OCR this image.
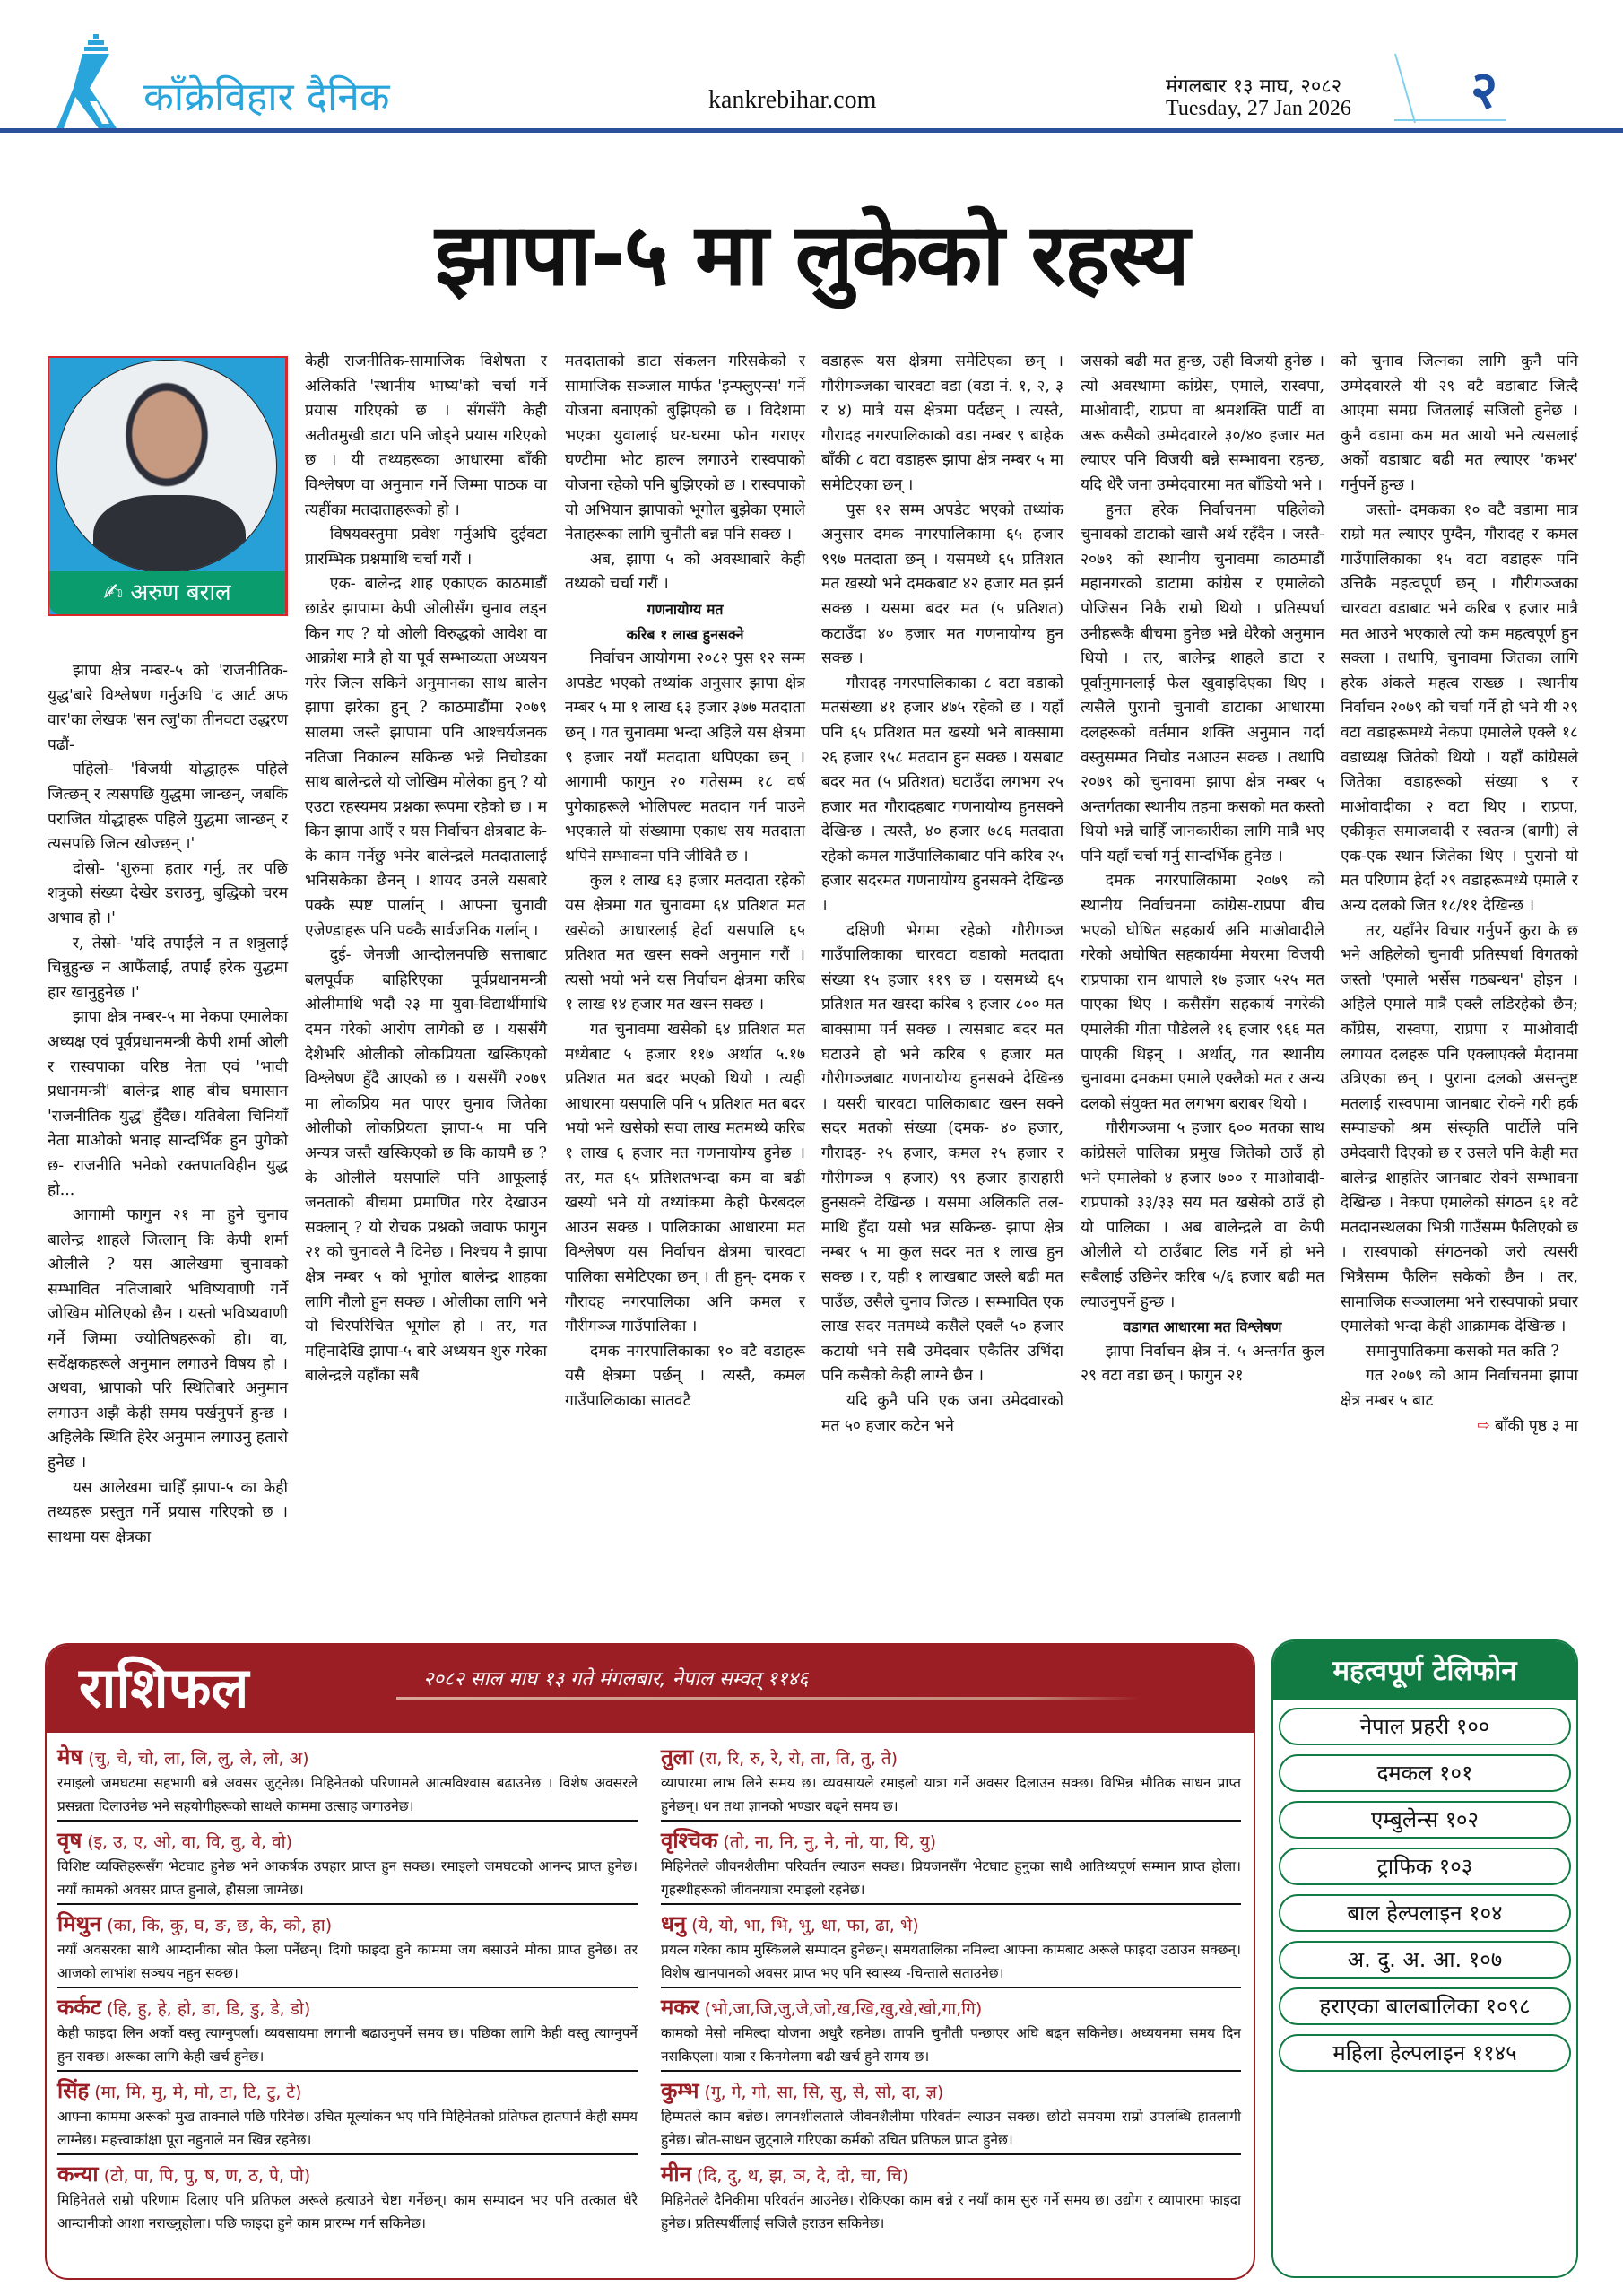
काँक्रेविहार दैनिक	kankrebihar.com	मंगलबार १३ माघ, २०८२
Tuesday, 27 Jan 2026 २
झापा-५ मा लुकेको रहस्य
✍ अरुण बराल

झापा क्षेत्र नम्बर-५ को 'राजनीतिक-युद्ध'बारे विश्लेषण गर्नुअघि 'द आर्ट अफ वार'का लेखक 'सन त्जु'का तीनवटा उद्धरण पढौं-

पहिलो- 'विजयी योद्धाहरू पहिले जित्छन् र त्यसपछि युद्धमा जान्छन्, जबकि पराजित योद्धाहरू पहिले युद्धमा जान्छन् र त्यसपछि जित्न खोज्छन् ।'

दोस्रो- 'शुरुमा हतार गर्नु, तर पछि शत्रुको संख्या देखेर डराउनु, बुद्धिको चरम अभाव हो ।'

र, तेस्रो- 'यदि तपाईंले न त शत्रुलाई चिन्नुहुन्छ न आफैंलाई, तपाईं हरेक युद्धमा हार खानुहुनेछ ।'

झापा क्षेत्र नम्बर-५ मा नेकपा एमालेका अध्यक्ष एवं पूर्वप्रधानमन्त्री केपी शर्मा ओली र रास्वपाका वरिष्ठ नेता एवं 'भावी प्रधानमन्त्री' बालेन्द्र शाह बीच घमासान 'राजनीतिक युद्ध' हुँदैछ। यतिबेला चिनियाँ नेता माओको भनाइ सान्दर्भिक हुन पुगेको छ- राजनीति भनेको रक्तपातविहीन युद्ध हो...

आगामी फागुन २१ मा हुने चुनाव बालेन्द्र शाहले जित्लान् कि केपी शर्मा ओलीले ? यस आलेखमा चुनावको सम्भावित नतिजाबारे भविष्यवाणी गर्ने जोखिम मोलिएको छैन । यस्तो भविष्यवाणी गर्ने जिम्मा ज्योतिषहरूको हो। वा, सर्वेक्षकहरूले अनुमान लगाउने विषय हो । अथवा, भ्रापाको परि स्थितिबारे अनुमान लगाउन अझै केही समय पर्खनुपर्ने हुन्छ । अहिलेकै स्थिति हेरेर अनुमान लगाउनु हतारो हुनेछ ।

यस आलेखमा चाहिँ झापा-५ का केही तथ्यहरू प्रस्तुत गर्ने प्रयास गरिएको छ । साथमा यस क्षेत्रका

केही राजनीतिक-सामाजिक विशेषता र अलिकति 'स्थानीय भाष्य'को चर्चा गर्ने प्रयास गरिएको छ । सँगसँगै केही अतीतमुखी डाटा पनि जोड्ने प्रयास गरिएको छ । यी तथ्यहरूका आधारमा बाँकी विश्लेषण वा अनुमान गर्ने जिम्मा पाठक वा त्यहींका मतदाताहरूको हो ।

विषयवस्तुमा प्रवेश गर्नुअघि दुईवटा प्रारम्भिक प्रश्नमाथि चर्चा गरौं ।

एक- बालेन्द्र शाह एकाएक काठमाडौं छाडेर झापामा केपी ओलीसँग चुनाव लड्न किन गए ? यो ओली विरुद्धको आवेश वा आक्रोश मात्रै हो या पूर्व सम्भाव्यता अध्ययन गरेर जित्न सकिने अनुमानका साथ बालेन झापा झरेका हुन् ? काठमाडौंमा २०७९ सालमा जस्तै झापामा पनि आश्चर्यजनक नतिजा निकाल्न सकिन्छ भन्ने निचोडका साथ बालेन्द्रले यो जोखिम मोलेका हुन् ? यो एउटा रहस्यमय प्रश्नका रूपमा रहेको छ । म किन झापा आएँ र यस निर्वाचन क्षेत्रबाट के-के काम गर्नेछु भनेर बालेन्द्रले मतदातालाई भनिसकेका छैनन् । शायद उनले यसबारे पक्कै स्पष्ट पार्लान् । आफ्ना चुनावी एजेण्डाहरू पनि पक्कै सार्वजनिक गर्लान् ।

दुई- जेनजी आन्दोलनपछि सत्ताबाट बलपूर्वक बाहिरिएका पूर्वप्रधानमन्त्री ओलीमाथि भदौ २३ मा युवा-विद्यार्थीमाथि दमन गरेको आरोप लागेको छ । यससँगै देशैभरि ओलीको लोकप्रियता खस्किएको विश्लेषण हुँदै आएको छ । यससँगै २०७९ मा लोकप्रिय मत पाएर चुनाव जितेका ओलीको लोकप्रियता झापा-५ मा पनि अन्यत्र जस्तै खस्किएको छ कि कायमै छ ? के ओलीले यसपालि पनि आफूलाई जनताको बीचमा प्रमाणित गरेर देखाउन सक्लान् ? यो रोचक प्रश्नको जवाफ फागुन २१ को चुनावले नै दिनेछ । निश्चय नै झापा क्षेत्र नम्बर ५ को भूगोल बालेन्द्र शाहका लागि नौलो हुन सक्छ । ओलीका लागि भने यो चिरपरिचित भूगोल हो । तर, गत महिनादेखि झापा-५ बारे अध्ययन शुरु गरेका बालेन्द्रले यहाँका सबै

मतदाताको डाटा संकलन गरिसकेको र सामाजिक सञ्जाल मार्फत 'इन्फ्लुएन्स' गर्ने योजना बनाएको बुझिएको छ । विदेशमा भएका युवालाई घर-घरमा फोन गराएर घण्टीमा भोट हाल्न लगाउने रास्वपाको योजना रहेको पनि बुझिएको छ । रास्वपाको यो अभियान झापाको भूगोल बुझेका एमाले नेताहरूका लागि चुनौती बन्न पनि सक्छ ।

अब, झापा ५ को अवस्थाबारे केही तथ्यको चर्चा गरौं ।

गणनायोग्य मत

करिब १ लाख हुनसक्ने

निर्वाचन आयोगमा २०८२ पुस १२ सम्म अपडेट भएको तथ्यांक अनुसार झापा क्षेत्र नम्बर ५ मा १ लाख ६३ हजार ३७७ मतदाता छन् । गत चुनावमा भन्दा अहिले यस क्षेत्रमा ९ हजार नयाँ मतदाता थपिएका छन् । आगामी फागुन २० गतेसम्म १८ वर्ष पुगेकाहरूले भोलिपल्ट मतदान गर्न पाउने भएकाले यो संख्यामा एकाध सय मतदाता थपिने सम्भावना पनि जीवितै छ ।

कुल १ लाख ६३ हजार मतदाता रहेको यस क्षेत्रमा गत चुनावमा ६४ प्रतिशत मत खसेको आधारलाई हेर्दा यसपालि ६५ प्रतिशत मत खस्न सक्ने अनुमान गरौं । त्यसो भयो भने यस निर्वाचन क्षेत्रमा करिब १ लाख १४ हजार मत खस्न सक्छ ।

गत चुनावमा खसेको ६४ प्रतिशत मत मध्येबाट ५ हजार ११७ अर्थात ५.१७ प्रतिशत मत बदर भएको थियो । त्यही आधारमा यसपालि पनि ५ प्रतिशत मत बदर भयो भने खसेको सवा लाख मतमध्ये करिब १ लाख ६ हजार मत गणनायोग्य हुनेछ । तर, मत ६५ प्रतिशतभन्दा कम वा बढी खस्यो भने यो तथ्यांकमा केही फेरबदल आउन सक्छ । पालिकाका आधारमा मत विश्लेषण यस निर्वाचन क्षेत्रमा चारवटा पालिका समेटिएका छन् । ती हुन्- दमक र गौरादह नगरपालिका अनि कमल र गौरीगञ्ज गाउँपालिका ।

दमक नगरपालिकाका १० वटै वडाहरू यसै क्षेत्रमा पर्छन् । त्यस्तै, कमल गाउँपालिकाका सातवटै

वडाहरू यस क्षेत्रमा समेटिएका छन् । गौरीगञ्जका चारवटा वडा (वडा नं. १, २, ३ र ४) मात्रै यस क्षेत्रमा पर्दछन् । त्यस्तै, गौरादह नगरपालिकाको वडा नम्बर ९ बाहेक बाँकी ८ वटा वडाहरू झापा क्षेत्र नम्बर ५ मा समेटिएका छन् ।

पुस १२ सम्म अपडेट भएको तथ्यांक अनुसार दमक नगरपालिकामा ६५ हजार ९९७ मतदाता छन् । यसमध्ये ६५ प्रतिशत मत खस्यो भने दमकबाट ४२ हजार मत झर्न सक्छ । यसमा बदर मत (५ प्रतिशत) कटाउँदा ४० हजार मत गणनायोग्य हुन सक्छ ।

गौरादह नगरपालिकाका ८ वटा वडाको मतसंख्या ४१ हजार ४७५ रहेको छ । यहाँ पनि ६५ प्रतिशत मत खस्यो भने बाक्सामा २६ हजार ९५८ मतदान हुन सक्छ । यसबाट बदर मत (५ प्रतिशत) घटाउँदा लगभग २५ हजार मत गौरादहबाट गणनायोग्य हुनसक्ने देखिन्छ । त्यस्तै, ४० हजार ७८६ मतदाता रहेको कमल गाउँपालिकाबाट पनि करिब २५ हजार सदरमत गणनायोग्य हुनसक्ने देखिन्छ ।

दक्षिणी भेगमा रहेको गौरीगञ्ज गाउँपालिकाका चारवटा वडाको मतदाता संख्या १५ हजार ११९ छ । यसमध्ये ६५ प्रतिशत मत खस्दा करिब ९ हजार ८०० मत बाक्सामा पर्न सक्छ । त्यसबाट बदर मत घटाउने हो भने करिब ९ हजार मत गौरीगञ्जबाट गणनायोग्य हुनसक्ने देखिन्छ । यसरी चारवटा पालिकाबाट खस्न सक्ने सदर मतको संख्या (दमक- ४० हजार, गौरादह- २५ हजार, कमल २५ हजार र गौरीगञ्ज ९ हजार) ९९ हजार हाराहारी हुनसक्ने देखिन्छ । यसमा अलिकति तल-माथि हुँदा यसो भन्न सकिन्छ- झापा क्षेत्र नम्बर ५ मा कुल सदर मत १ लाख हुन सक्छ । र, यही १ लाखबाट जस्ले बढी मत पाउँछ, उसैले चुनाव जित्छ । सम्भावित एक लाख सदर मतमध्ये कसैले एक्लै ५० हजार कटायो भने सबै उमेदवार एकैतिर उभिंदा पनि कसैको केही लाग्ने छैन ।

यदि कुनै पनि एक जना उमेदवारको मत ५० हजार कटेन भने

जसको बढी मत हुन्छ, उही विजयी हुनेछ । त्यो अवस्थामा कांग्रेस, एमाले, रास्वपा, माओवादी, राप्रपा वा श्रमशक्ति पार्टी वा अरू कसैको उम्मेदवारले ३०/४० हजार मत ल्याएर पनि विजयी बन्ने सम्भावना रहन्छ, यदि धेरै जना उम्मेदवारमा मत बाँडियो भने ।

हुनत हरेक निर्वाचनमा पहिलेको चुनावको डाटाको खासै अर्थ रहँदैन । जस्तै- २०७९ को स्थानीय चुनावमा काठमाडौं महानगरको डाटामा कांग्रेस र एमालेको पोजिसन निकै राम्रो थियो । प्रतिस्पर्धा उनीहरूकै बीचमा हुनेछ भन्ने धेरैको अनुमान थियो । तर, बालेन्द्र शाहले डाटा र पूर्वानुमानलाई फेल खुवाइदिएका थिए । त्यसैले पुरानो चुनावी डाटाका आधारमा दलहरूको वर्तमान शक्ति अनुमान गर्दा वस्तुसम्मत निचोड नआउन सक्छ । तथापि २०७९ को चुनावमा झापा क्षेत्र नम्बर ५ अन्तर्गतका स्थानीय तहमा कसको मत कस्तो थियो भन्ने चाहिँ जानकारीका लागि मात्रै भए पनि यहाँ चर्चा गर्नु सान्दर्भिक हुनेछ ।

दमक नगरपालिकामा २०७९ को स्थानीय निर्वाचनमा कांग्रेस-राप्रपा बीच भएको घोषित सहकार्य अनि माओवादीले गरेको अघोषित सहकार्यमा मेयरमा विजयी राप्रपाका राम थापाले १७ हजार ५२५ मत पाएका थिए । कसैसँग सहकार्य नगरेकी एमालेकी गीता पौडेलले १६ हजार ९६६ मत पाएकी थिइन् । अर्थात्, गत स्थानीय चुनावमा दमकमा एमाले एक्लैको मत र अन्य दलको संयुक्त मत लगभग बराबर थियो ।

गौरीगञ्जमा ५ हजार ६०० मतका साथ कांग्रेसले पालिका प्रमुख जितेको ठाउँ हो भने एमालेको ४ हजार ७०० र माओवादी-राप्रपाको ३३/३३ सय मत खसेको ठाउँ हो यो पालिका । अब बालेन्द्रले वा केपी ओलीले यो ठाउँबाट लिड गर्ने हो भने सबैलाई उछिनेर करिब ५/६ हजार बढी मत ल्याउनुपर्ने हुन्छ ।

वडागत आधारमा मत विश्लेषण

झापा निर्वाचन क्षेत्र नं. ५ अन्तर्गत कुल २९ वटा वडा छन् । फागुन २१

को चुनाव जित्नका लागि कुनै पनि उम्मेदवारले यी २९ वटै वडाबाट जित्दै आएमा समग्र जितलाई सजिलो हुनेछ । कुनै वडामा कम मत आयो भने त्यसलाई अर्को वडाबाट बढी मत ल्याएर 'कभर' गर्नुपर्ने हुन्छ ।

जस्तो- दमकका १० वटै वडामा मात्र राम्रो मत ल्याएर पुग्दैन, गौरादह र कमल गाउँपालिकाका १५ वटा वडाहरू पनि उत्तिकै महत्वपूर्ण छन् । गौरीगञ्जका चारवटा वडाबाट भने करिब ९ हजार मात्रै मत आउने भएकाले त्यो कम महत्वपूर्ण हुन सक्ला । तथापि, चुनावमा जितका लागि हरेक अंकले महत्व राख्छ । स्थानीय निर्वाचन २०७९ को चर्चा गर्ने हो भने यी २९ वटा वडाहरूमध्ये नेकपा एमालेले एक्लै १८ वडाध्यक्ष जितेको थियो । यहाँ कांग्रेसले जितेका वडाहरूको संख्या ९ र माओवादीका २ वटा थिए । राप्रपा, एकीकृत समाजवादी र स्वतन्त्र (बागी) ले एक-एक स्थान जितेका थिए । पुरानो यो मत परिणाम हेर्दा २९ वडाहरूमध्ये एमाले र अन्य दलको जित १८/११ देखिन्छ ।

तर, यहाँनेर विचार गर्नुपर्ने कुरा के छ भने अहिलेको चुनावी प्रतिस्पर्धा विगतको जस्तो 'एमाले भर्सेस गठबन्धन' होइन । अहिले एमाले मात्रै एक्लै लडिरहेको छैन; काँग्रेस, रास्वपा, राप्रपा र माओवादी लगायत दलहरू पनि एक्लाएक्लै मैदानमा उत्रिएका छन् । पुराना दलको असन्तुष्ट मतलाई रास्वपामा जानबाट रोक्ने गरी हर्क सम्पाङको श्रम संस्कृति पार्टीले पनि उमेदवारी दिएको छ र उसले पनि केही मत बालेन्द्र शाहतिर जानबाट रोक्ने सम्भावना देखिन्छ । नेकपा एमालेको संगठन ६१ वटै मतदानस्थलका भित्री गाउँसम्म फैलिएको छ । रास्वपाको संगठनको जरो त्यसरी भित्रैसम्म फैलिन सकेको छैन । तर, सामाजिक सञ्जालमा भने रास्वपाको प्रचार एमालेको भन्दा केही आक्रामक देखिन्छ ।

समानुपातिकमा कसको मत कति ?

गत २०७९ को आम निर्वाचनमा झापा क्षेत्र नम्बर ५ बाट

⇨ बाँकी पृष्ठ ३ मा

राशिफल	२०८२ साल माघ १३ गते मंगलबार, नेपाल सम्वत् ११४६
मेष (चु, चे, चो, ला, लि, लु, ले, लो, अ)
रमाइलो जमघटमा सहभागी बन्ने अवसर जुट्नेछ। मिहिनेतको परिणामले आत्मविश्वास बढाउनेछ । विशेष अवसरले प्रसन्नता दिलाउनेछ भने सहयोगीहरूको साथले काममा उत्साह जगाउनेछ।
वृष (इ, उ, ए, ओ, वा, वि, वु, वे, वो)
विशिष्ट व्यक्तिहरूसँग भेटघाट हुनेछ भने आकर्षक उपहार प्राप्त हुन सक्छ। रमाइलो जमघटको आनन्द प्राप्त हुनेछ। नयाँ कामको अवसर प्राप्त हुनाले, हौसला जाग्नेछ।
मिथुन (का, कि, कु, घ, ङ, छ, के, को, हा)
नयाँ अवसरका साथै आम्दानीका स्रोत फेला पर्नेछन्। दिगो फाइदा हुने काममा जग बसाउने मौका प्राप्त हुनेछ। तर आजको लाभांश सञ्चय नहुन सक्छ।
कर्कट (हि, हु, हे, हो, डा, डि, डु, डे, डो)
केही फाइदा लिन अर्को वस्तु त्याग्नुपर्ला। व्यवसायमा लगानी बढाउनुपर्ने समय छ। पछिका लागि केही वस्तु त्याग्नुपर्ने हुन सक्छ। अरूका लागि केही खर्च हुनेछ।
सिंह (मा, मि, मु, मे, मो, टा, टि, टु, टे)
आफ्ना काममा अरूको मुख ताक्नाले पछि परिनेछ। उचित मूल्यांकन भए पनि मिहिनेतको प्रतिफल हातपार्न केही समय लाग्नेछ। महत्त्वाकांक्षा पूरा नहुनाले मन खिन्न रहनेछ।
कन्या (टो, पा, पि, पु, ष, ण, ठ, पे, पो)
मिहिनेतले राम्रो परिणाम दिलाए पनि प्रतिफल अरूले हत्याउने चेष्टा गर्नेछन्। काम सम्पादन भए पनि तत्काल धेरै आम्दानीको आशा नराख्नुहोला। पछि फाइदा हुने काम प्रारम्भ गर्न सकिनेछ।
तुला (रा, रि, रु, रे, रो, ता, ति, तु, ते)
व्यापारमा लाभ लिने समय छ। व्यवसायले रमाइलो यात्रा गर्ने अवसर दिलाउन सक्छ। विभिन्न भौतिक साधन प्राप्त हुनेछन्। धन तथा ज्ञानको भण्डार बढ्ने समय छ।
वृश्चिक (तो, ना, नि, नु, ने, नो, या, यि, यु)
मिहिनेतले जीवनशैलीमा परिवर्तन ल्याउन सक्छ। प्रियजनसँग भेटघाट हुनुका साथै आतिथ्यपूर्ण सम्मान प्राप्त होला। गृहस्थीहरूको जीवनयात्रा रमाइलो रहनेछ।
धनु (ये, यो, भा, भि, भु, धा, फा, ढा, भे)
प्रयत्न गरेका काम मुस्किलले सम्पादन हुनेछन्। समयतालिका नमिल्दा आफ्ना कामबाट अरूले फाइदा उठाउन सक्छन्। विशेष खानपानको अवसर प्राप्त भए पनि स्वास्थ्य -चिन्ताले सताउनेछ।
मकर (भो,जा,जि,जु,जे,जो,ख,खि,खु,खे,खो,गा,गि)
कामको मेसो नमिल्दा योजना अधुरै रहनेछ। तापनि चुनौती पन्छाएर अघि बढ्न सकिनेछ। अध्ययनमा समय दिन नसकिएला। यात्रा र किनमेलमा बढी खर्च हुने समय छ।
कुम्भ (गु, गे, गो, सा, सि, सु, से, सो, दा, ज्ञ)
हिम्मतले काम बन्नेछ। लगनशीलताले जीवनशैलीमा परिवर्तन ल्याउन सक्छ। छोटो समयमा राम्रो उपलब्धि हातलागी हुनेछ। स्रोत-साधन जुट्नाले गरिएका कर्मको उचित प्रतिफल प्राप्त हुनेछ।
मीन (दि, दु, थ, झ, ञ, दे, दो, चा, चि)
मिहिनेतले दैनिकीमा परिवर्तन आउनेछ। रोकिएका काम बन्ने र नयाँ काम सुरु गर्ने समय छ। उद्योग र व्यापारमा फाइदा हुनेछ। प्रतिस्पर्धीलाई सजिलै हराउन सकिनेछ।
महत्वपूर्ण टेलिफोन
नेपाल प्रहरी १००
दमकल १०१
एम्बुलेन्स १०२
ट्राफिक १०३
बाल हेल्पलाइन १०४
अ. दु. अ. आ. १०७
हराएका बालबालिका १०९८
महिला हेल्पलाइन ११४५
